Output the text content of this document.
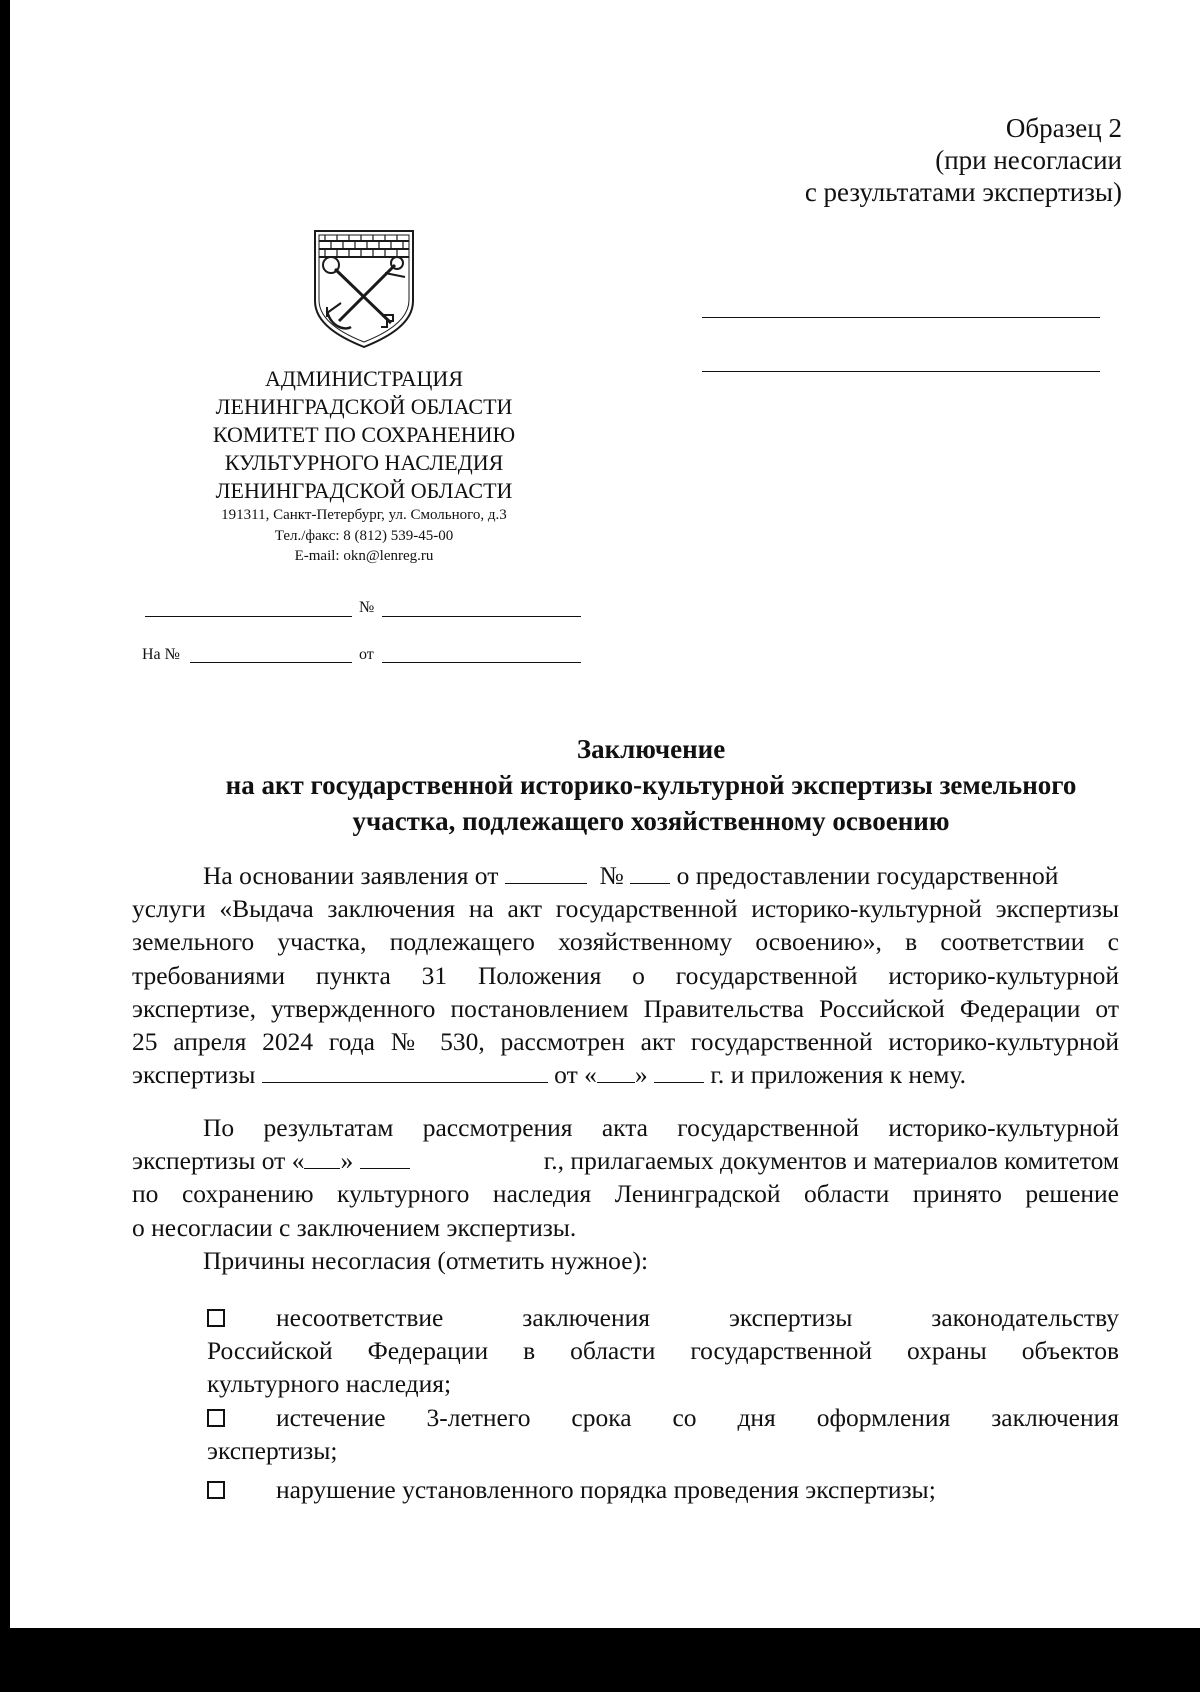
Образец 2
(при несогласии
с результатами экспертизы)
АДМИНИСТРАЦИЯ
ЛЕНИНГРАДСКОЙ ОБЛАСТИ
КОМИТЕТ ПО СОХРАНЕНИЮ
КУЛЬТУРНОГО НАСЛЕДИЯ
ЛЕНИНГРАДСКОЙ ОБЛАСТИ
191311, Санкт-Петербург, ул. Смольного, д.3
Тел./факс: 8 (812) 539-45-00
E-mail: okn@lenreg.ru
№
На №	от
Заключение
на акт государственной историко-культурной экспертизы земельного
участка, подлежащего хозяйственному освоению
На основании заявления от	№ о предоставлении государственной
услуги «Выдача заключения на акт государственной историко-культурной экспертизы
земельного участка, подлежащего хозяйственному освоению», в соответствии с
требованиями пункта 31 Положения о государственной историко-культурной
экспертизе, утвержденного постановлением Правительства Российской Федерации от
25 апреля 2024 года № 530, рассмотрен акт государственной историко-культурной
экспертизы	от « » г. и приложения к нему.
По результатам рассмотрения акта государственной историко-культурной
экспертизы от « »	г., прилагаемых документов и материалов комитетом
по сохранению культурного наследия Ленинградской области принято решение
о несогласии с заключением экспертизы.
Причины несогласия (отметить нужное):
несоответствие заключения экспертизы законодательству
Российской Федерации в области государственной охраны объектов
культурного наследия;
истечение 3-летнего срока со дня оформления заключения
экспертизы;
нарушение установленного порядка проведения экспертизы;
